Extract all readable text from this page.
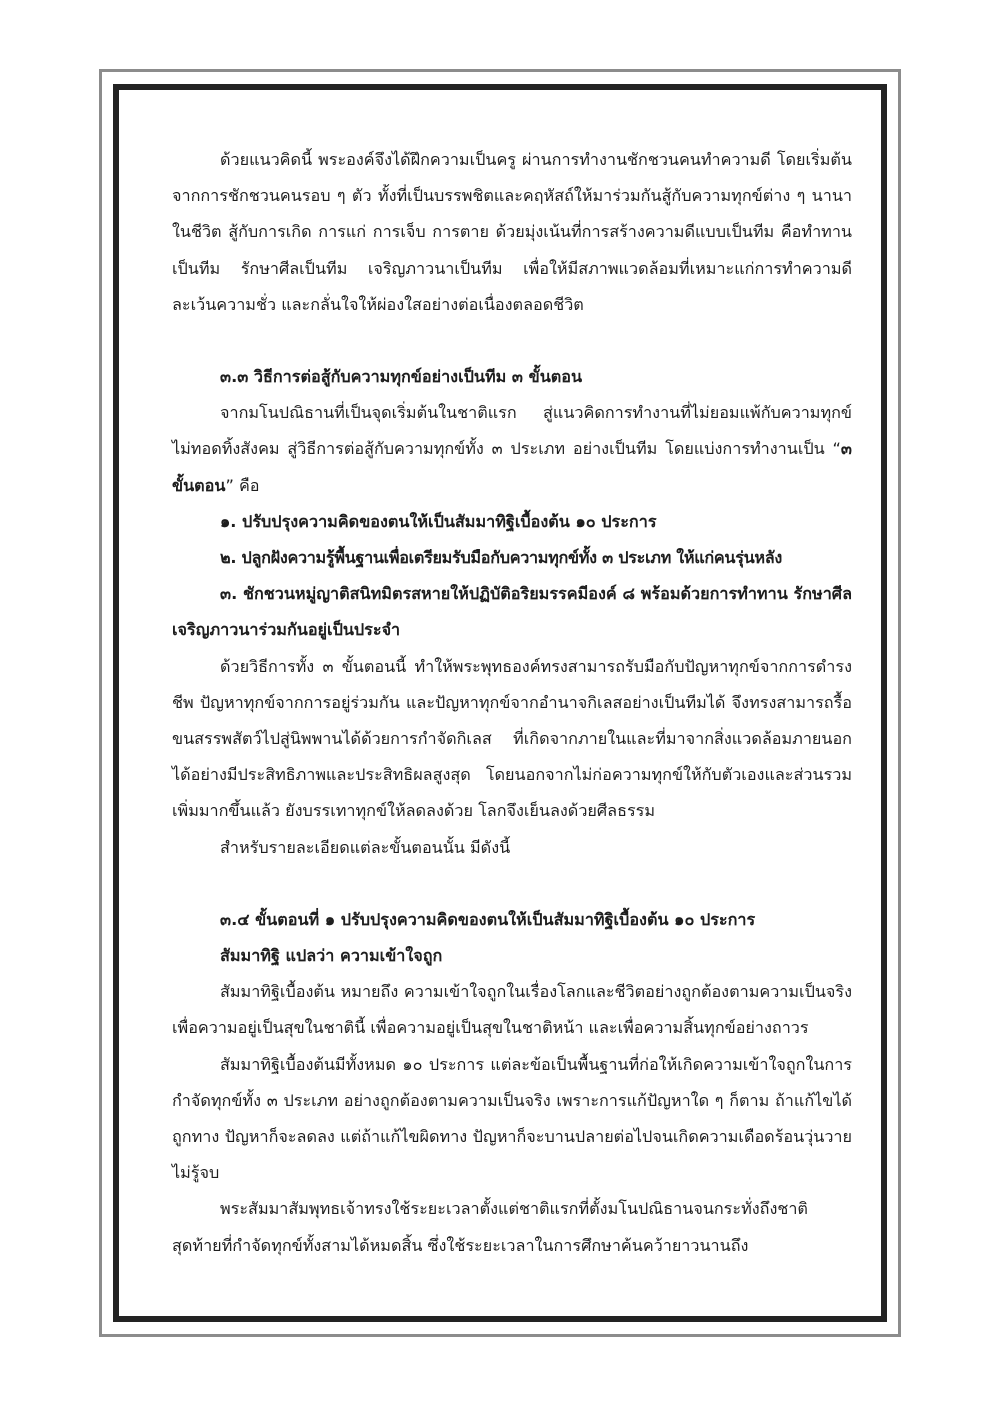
ด้วยแนวคิดนี้ พระองค์จึงได้ฝึกความเป็นครู ผ่านการทำงานชักชวนคนทำความดี โดยเริ่มต้นจากการชักชวนคนรอบ ๆ ตัว ทั้งที่เป็นบรรพชิตและคฤหัสถ์ให้มาร่วมกันสู้กับความทุกข์ต่าง ๆ นานาในชีวิต สู้กับการเกิด การแก่ การเจ็บ การตาย ด้วยมุ่งเน้นที่การสร้างความดีแบบเป็นทีม คือทำทานเป็นทีม รักษาศีลเป็นทีม เจริญภาวนาเป็นทีม เพื่อให้มีสภาพแวดล้อมที่เหมาะแก่การทำความดี ละเว้นความชั่ว และกลั่นใจให้ผ่องใสอย่างต่อเนื่องตลอดชีวิต

๓.๓ วิธีการต่อสู้กับความทุกข์อย่างเป็นทีม ๓ ขั้นตอน

จากมโนปณิธานที่เป็นจุดเริ่มต้นในชาติแรก สู่แนวคิดการทำงานที่ไม่ยอมแพ้กับความทุกข์ ไม่ทอดทิ้งสังคม สู่วิธีการต่อสู้กับความทุกข์ทั้ง ๓ ประเภท อย่างเป็นทีม โดยแบ่งการทำงานเป็น “๓ ขั้นตอน” คือ

๑. ปรับปรุงความคิดของตนให้เป็นสัมมาทิฐิเบื้องต้น ๑๐ ประการ

๒. ปลูกฝังความรู้พื้นฐานเพื่อเตรียมรับมือกับความทุกข์ทั้ง ๓ ประเภท ให้แก่คนรุ่นหลัง

๓. ชักชวนหมู่ญาติสนิทมิตรสหายให้ปฏิบัติอริยมรรคมีองค์ ๘ พร้อมด้วยการทำทาน รักษาศีล เจริญภาวนาร่วมกันอยู่เป็นประจำ

ด้วยวิธีการทั้ง ๓ ขั้นตอนนี้ ทำให้พระพุทธองค์ทรงสามารถรับมือกับปัญหาทุกข์จากการดำรงชีพ ปัญหาทุกข์จากการอยู่ร่วมกัน และปัญหาทุกข์จากอำนาจกิเลสอย่างเป็นทีมได้ จึงทรงสามารถรื้อขนสรรพสัตว์ไปสู่นิพพานได้ด้วยการกำจัดกิเลส ที่เกิดจากภายในและที่มาจากสิ่งแวดล้อมภายนอกได้อย่างมีประสิทธิภาพและประสิทธิผลสูงสุด โดยนอกจากไม่ก่อความทุกข์ให้กับตัวเองและส่วนรวมเพิ่มมากขึ้นแล้ว ยังบรรเทาทุกข์ให้ลดลงด้วย โลกจึงเย็นลงด้วยศีลธรรม

สำหรับรายละเอียดแต่ละขั้นตอนนั้น มีดังนี้

๓.๔ ขั้นตอนที่ ๑ ปรับปรุงความคิดของตนให้เป็นสัมมาทิฐิเบื้องต้น ๑๐ ประการ

สัมมาทิฐิ แปลว่า ความเข้าใจถูก

สัมมาทิฐิเบื้องต้น หมายถึง ความเข้าใจถูกในเรื่องโลกและชีวิตอย่างถูกต้องตามความเป็นจริง เพื่อความอยู่เป็นสุขในชาตินี้ เพื่อความอยู่เป็นสุขในชาติหน้า และเพื่อความสิ้นทุกข์อย่างถาวร

สัมมาทิฐิเบื้องต้นมีทั้งหมด ๑๐ ประการ แต่ละข้อเป็นพื้นฐานที่ก่อให้เกิดความเข้าใจถูกในการกำจัดทุกข์ทั้ง ๓ ประเภท อย่างถูกต้องตามความเป็นจริง เพราะการแก้ปัญหาใด ๆ ก็ตาม ถ้าแก้ไขได้ถูกทาง ปัญหาก็จะลดลง แต่ถ้าแก้ไขผิดทาง ปัญหาก็จะบานปลายต่อไปจนเกิดความเดือดร้อนวุ่นวายไม่รู้จบ

พระสัมมาสัมพุทธเจ้าทรงใช้ระยะเวลาตั้งแต่ชาติแรกที่ตั้งมโนปณิธานจนกระทั่งถึงชาติสุดท้ายที่กำจัดทุกข์ทั้งสามได้หมดสิ้น ซึ่งใช้ระยะเวลาในการศึกษาค้นคว้ายาวนานถึง
